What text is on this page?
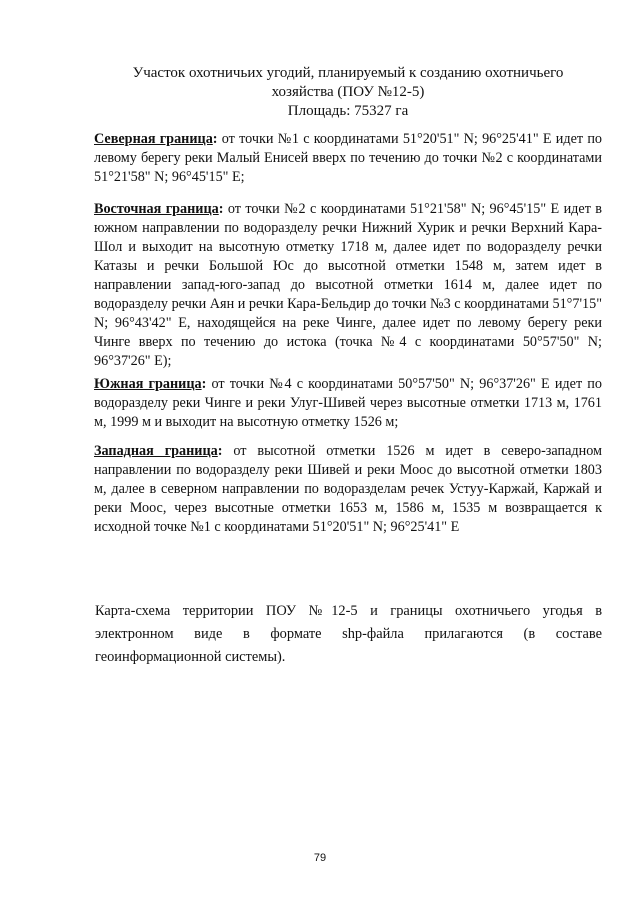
Участок охотничьих угодий, планируемый к созданию охотничьего
хозяйства (ПОУ №12-5)
Площадь: 75327 га
Северная граница: от точки №1 с координатами 51°20'51" N; 96°25'41" E идет по левому берегу реки Малый Енисей вверх по течению до точки №2 с координатами 51°21'58" N; 96°45'15" E;
Восточная граница: от точки №2 с координатами 51°21'58" N; 96°45'15" E идет в южном направлении по водоразделу речки Нижний Хурик и речки Верхний Кара-Шол и выходит на высотную отметку 1718 м, далее идет по водоразделу речки Катазы и речки Большой Юс до высотной отметки 1548 м, затем идет в направлении запад-юго-запад до высотной отметки 1614 м, далее идет по водоразделу речки Аян и речки Кара-Бельдир до точки №3 с координатами 51°7'15" N; 96°43'42" E, находящейся на реке Чинге, далее идет по левому берегу реки Чинге вверх по течению до истока (точка №4 с координатами 50°57'50" N; 96°37'26" E);
Южная граница: от точки №4 с координатами 50°57'50" N; 96°37'26" E идет по водоразделу реки Чинге и реки Улуг-Шивей через высотные отметки 1713 м, 1761 м, 1999 м и выходит на высотную отметку 1526 м;
Западная граница: от высотной отметки 1526 м идет в северо-западном направлении по водоразделу реки Шивей и реки Моос до высотной отметки 1803 м, далее в северном направлении по водоразделам речек Устуу-Каржай, Каржай и реки Моос, через высотные отметки 1653 м, 1586 м, 1535 м возвращается к исходной точке №1 с координатами 51°20'51" N; 96°25'41" E
Карта-схема территории ПОУ №12-5 и границы охотничьего угодья в электронном виде в формате shp-файла прилагаются (в составе геоинформационной системы).
79
